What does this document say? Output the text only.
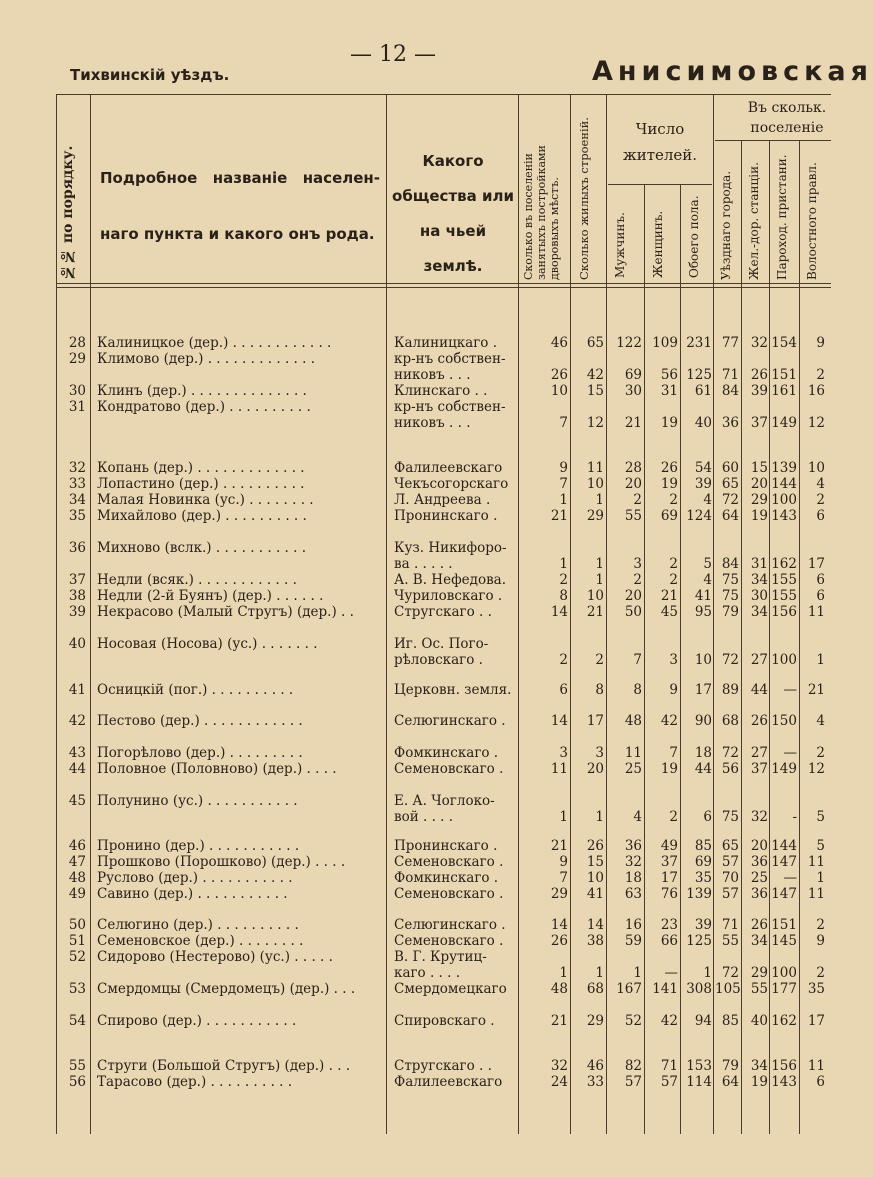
— 12 —
Тихвинскій уѣздъ.	Анисимовская
№№ по порядку. Подробное названіе населен-наго пункта и какого онъ рода.
Какого общества или на чьей землѣ.	Сколько въ поселеніи занятыхъ постройками дворовыхъ мѣстъ.	Сколько жилыхъ строеній.	Число жителей.
Мужчинъ. Женщинъ. Обоего пола.
Въ скольк. поселеніе
Уѣзднаго города. Жел.-дор. станціи. Пароход. пристани. Волостного правл.
28 Калиницкое (дер.) . . . . . . . . . . . .	Калиницкаго .	46	65 122 109 231 77 32 154	9
29 Климово (дер.) . . . . . . . . . . . . .	кр-нъ собствен-
никовъ . . .	26	42	69	56 125 71 26 151	2
30 Клинъ (дер.) . . . . . . . . . . . . . .	Клинскаго . .	10	15	30	31	61 84 39 161 16
31 Кондратово (дер.) . . . . . . . . . .	кр-нъ собствен-
никовъ . . .	7	12	21	19	40 36 37 149 12
32 Копань (дер.) . . . . . . . . . . . . .	Фалилеевскаго	9	11	28	26	54 60 15 139 10
33 Лопастино (дер.) . . . . . . . . . .	Чекъсогорскаго	7	10	20	19	39 65 20 144	4
34 Малая Новинка (ус.) . . . . . . . .	Л. Андреева .	1	1	2	2	4 72 29 100	2
35 Михайлово (дер.) . . . . . . . . . .	Пронинскаго .	21	29	55	69 124 64 19 143	6
36 Михново (вслк.) . . . . . . . . . . .	Куз. Никифоро-
ва . . . . .	1	1	3	2	5 84 31 162 17
37 Недли (всяк.) . . . . . . . . . . . .	А. В. Нефедова.	2	1	2	2	4 75 34 155	6
38 Недли (2-й Буянъ) (дер.) . . . . . .	Чуриловскаго .	8	10	20	21	41 75 30 155	6
39 Некрасово (Малый Стругъ) (дер.) . .	Стругскаго . .	14	21	50	45	95 79 34 156 11
40 Носовая (Носова) (ус.) . . . . . . .	Иг. Ос. Пого-
рѣловскаго .	2	2	7	3	10 72 27 100	1
41 Осницкій (пог.) . . . . . . . . . .	Церковн. земля.	6	8	8	9	17 89 44	— 21
42 Пестово (дер.) . . . . . . . . . . . .	Селюгинскаго .	14	17	48	42	90 68 26 150	4
43 Погорѣлово (дер.) . . . . . . . . .	Фомкинскаго .	3	3	11	7	18 72 27	—	2
44 Половное (Половново) (дер.) . . . .	Семеновскаго .	11	20	25	19	44 56 37 149 12
45 Полунино (ус.) . . . . . . . . . . .	Е. А. Чоглоко-
вой . . . .	1	1	4	2	6 75 32	-	5
46 Пронино (дер.) . . . . . . . . . . .	Пронинскаго .	21	26	36	49	85 65 20 144	5
47 Прошково (Порошково) (дер.) . . . .	Семеновскаго .	9	15	32	37	69 57 36 147 11
48 Руслово (дер.) . . . . . . . . . . .	Фомкинскаго .	7	10	18	17	35 70 25	—	1
49 Савино (дер.) . . . . . . . . . . .	Семеновскаго .	29	41	63	76 139 57 36 147 11
50 Селюгино (дер.) . . . . . . . . . .	Селюгинскаго .	14	14	16	23	39 71 26 151	2
51 Семеновское (дер.) . . . . . . . .	Семеновскаго .	26	38	59	66 125 55 34 145	9
52 Сидорово (Нестерово) (ус.) . . . . .	В. Г. Крутиц-
каго . . . .	1	1	1	—	1 72 29 100	2
53 Смердомцы (Смердомецъ) (дер.) . . .	Смердомецкаго	48	68 167 141 308 105 55 177 35
54 Спирово (дер.) . . . . . . . . . . .	Спировскаго .	21	29	52	42	94 85 40 162 17
55 Струги (Большой Стругъ) (дер.) . . .	Стругскаго . .	32	46	82	71 153 79 34 156 11
56 Тарасово (дер.) . . . . . . . . . .	Фалилеевскаго	24	33	57	57 114 64 19 143	6
